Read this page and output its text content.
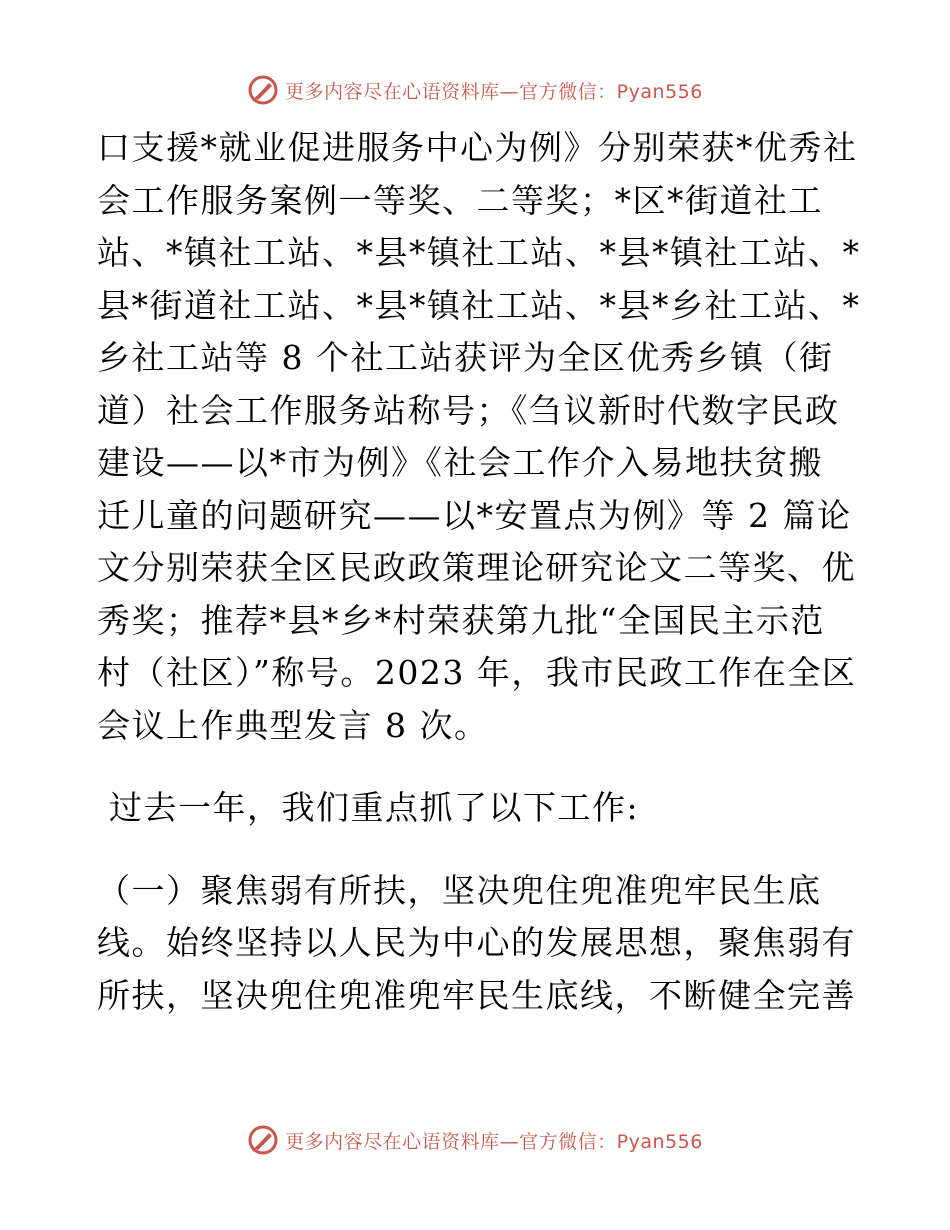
更多内容尽在心语资料库—官方微信：Pyan556

口支援*就业促进服务中心为例》分别荣获*优秀社
会工作服务案例一等奖、二等奖；*区*街道社工
站、*镇社工站、*县*镇社工站、*县*镇社工站、*
县*街道社工站、*县*镇社工站、*县*乡社工站、*
乡社工站等 8 个社工站获评为全区优秀乡镇（街
道）社会工作服务站称号；《刍议新时代数字民政
建设——以*市为例》《社会工作介入易地扶贫搬
迁儿童的问题研究——以*安置点为例》等 2 篇论
文分别荣获全区民政政策理论研究论文二等奖、优
秀奖；推荐*县*乡*村荣获第九批“全国民主示范
村（社区）”称号。2023 年，我市民政工作在全区
会议上作典型发言 8 次。

过去一年，我们重点抓了以下工作:

（一）聚焦弱有所扶，坚决兜住兜准兜牢民生底
线。始终坚持以人民为中心的发展思想，聚焦弱有
所扶，坚决兜住兜准兜牢民生底线，不断健全完善

更多内容尽在心语资料库—官方微信：Pyan556
